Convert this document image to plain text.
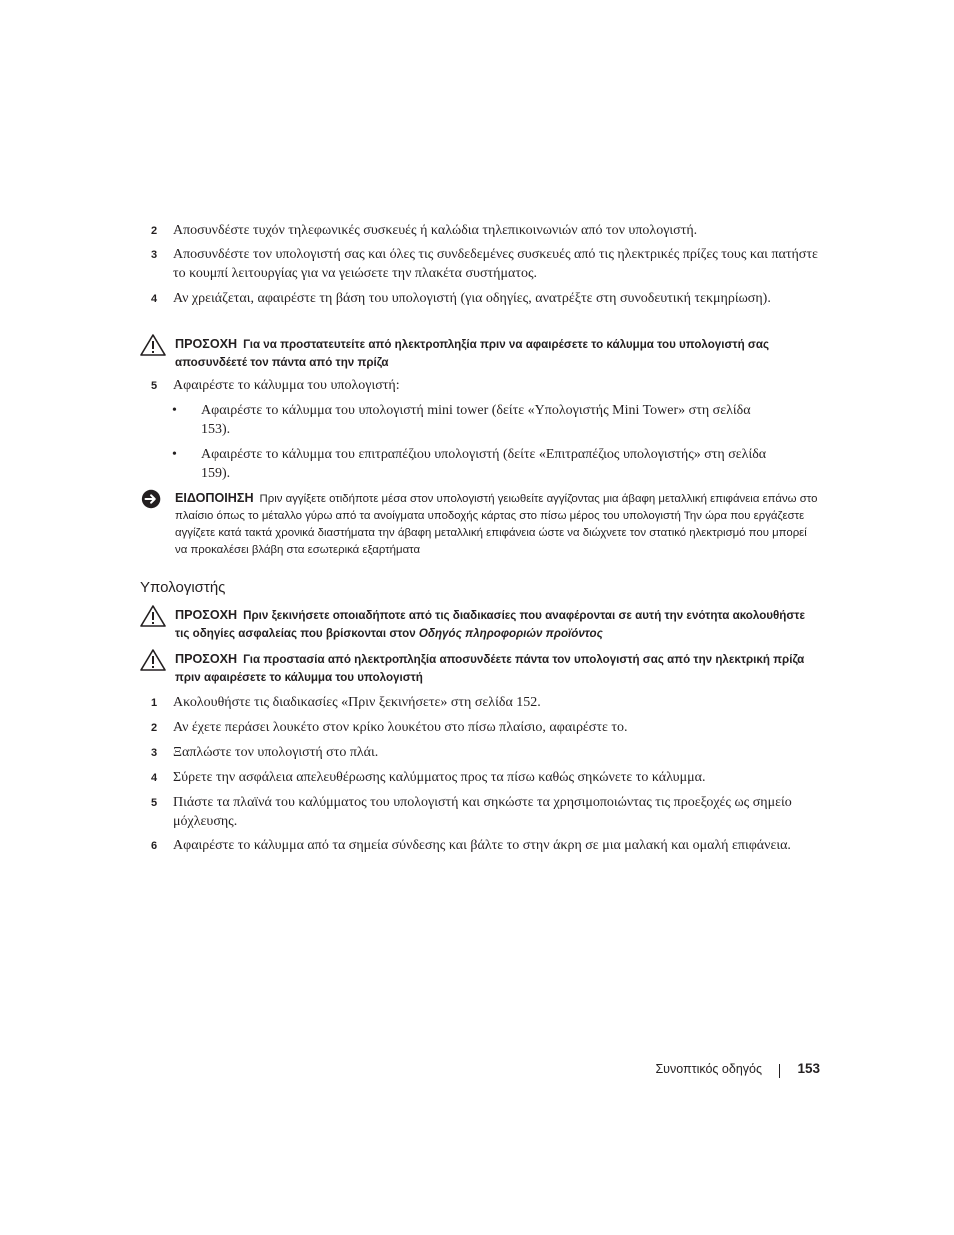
2	Αποσυνδέστε τυχόν τηλεφωνικές συσκευές ή καλώδια τηλεπικοινωνιών από τον υπολογιστή.
3	Αποσυνδέστε τον υπολογιστή σας και όλες τις συνδεδεμένες συσκευές από τις ηλεκτρικές πρίζες τους και πατήστε το κουμπί λειτουργίας για να γειώσετε την πλακέτα συστήματος.
4	Αν χρειάζεται, αφαιρέστε τη βάση του υπολογιστή (για οδηγίες, ανατρέξτε στη συνοδευτική τεκμηρίωση).
ΠΡΟΣΟΧΗ Για να προστατευτείτε από ηλεκτροπληξία πριν να αφαιρέσετε το κάλυμμα του υπολογιστή σας αποσυνδέετέ τον πάντα από την πρίζα
5	Αφαιρέστε το κάλυμμα του υπολογιστή:
•	Αφαιρέστε το κάλυμμα του υπολογιστή mini tower (δείτε «Υπολογιστής Mini Tower» στη σελίδα 153).
•	Αφαιρέστε το κάλυμμα του επιτραπέζιου υπολογιστή (δείτε «Επιτραπέζιος υπολογιστής» στη σελίδα 159).
ΕΙΔΟΠΟΙΗΣΗ Πριν αγγίξετε οτιδήποτε μέσα στον υπολογιστή γειωθείτε αγγίζοντας μια άβαφη μεταλλική επιφάνεια επάνω στο πλαίσιο όπως το μέταλλο γύρω από τα ανοίγματα υποδοχής κάρτας στο πίσω μέρος του υπολογιστή Την ώρα που εργάζεστε αγγίζετε κατά τακτά χρονικά διαστήματα την άβαφη μεταλλική επιφάνεια ώστε να διώχνετε τον στατικό ηλεκτρισμό που μπορεί να προκαλέσει βλάβη στα εσωτερικά εξαρτήματα
Υπολογιστής
ΠΡΟΣΟΧΗ Πριν ξεκινήσετε οποιαδήποτε από τις διαδικασίες που αναφέρονται σε αυτή την ενότητα ακολουθήστε τις οδηγίες ασφαλείας που βρίσκονται στον Οδηγός πληροφοριών προϊόντος
ΠΡΟΣΟΧΗ Για προστασία από ηλεκτροπληξία αποσυνδέετε πάντα τον υπολογιστή σας από την ηλεκτρική πρίζα πριν αφαιρέσετε το κάλυμμα του υπολογιστή
1	Ακολουθήστε τις διαδικασίες «Πριν ξεκινήσετε» στη σελίδα 152.
2	Αν έχετε περάσει λουκέτο στον κρίκο λουκέτου στο πίσω πλαίσιο, αφαιρέστε το.
3	Ξαπλώστε τον υπολογιστή στο πλάι.
4	Σύρετε την ασφάλεια απελευθέρωσης καλύμματος προς τα πίσω καθώς σηκώνετε το κάλυμμα.
5	Πιάστε τα πλαϊνά του καλύμματος του υπολογιστή και σηκώστε τα χρησιμοποιώντας τις προεξοχές ως σημείο μόχλευσης.
6	Αφαιρέστε το κάλυμμα από τα σημεία σύνδεσης και βάλτε το στην άκρη σε μια μαλακή και ομαλή επιφάνεια.
Συνοπτικός οδηγός	153
